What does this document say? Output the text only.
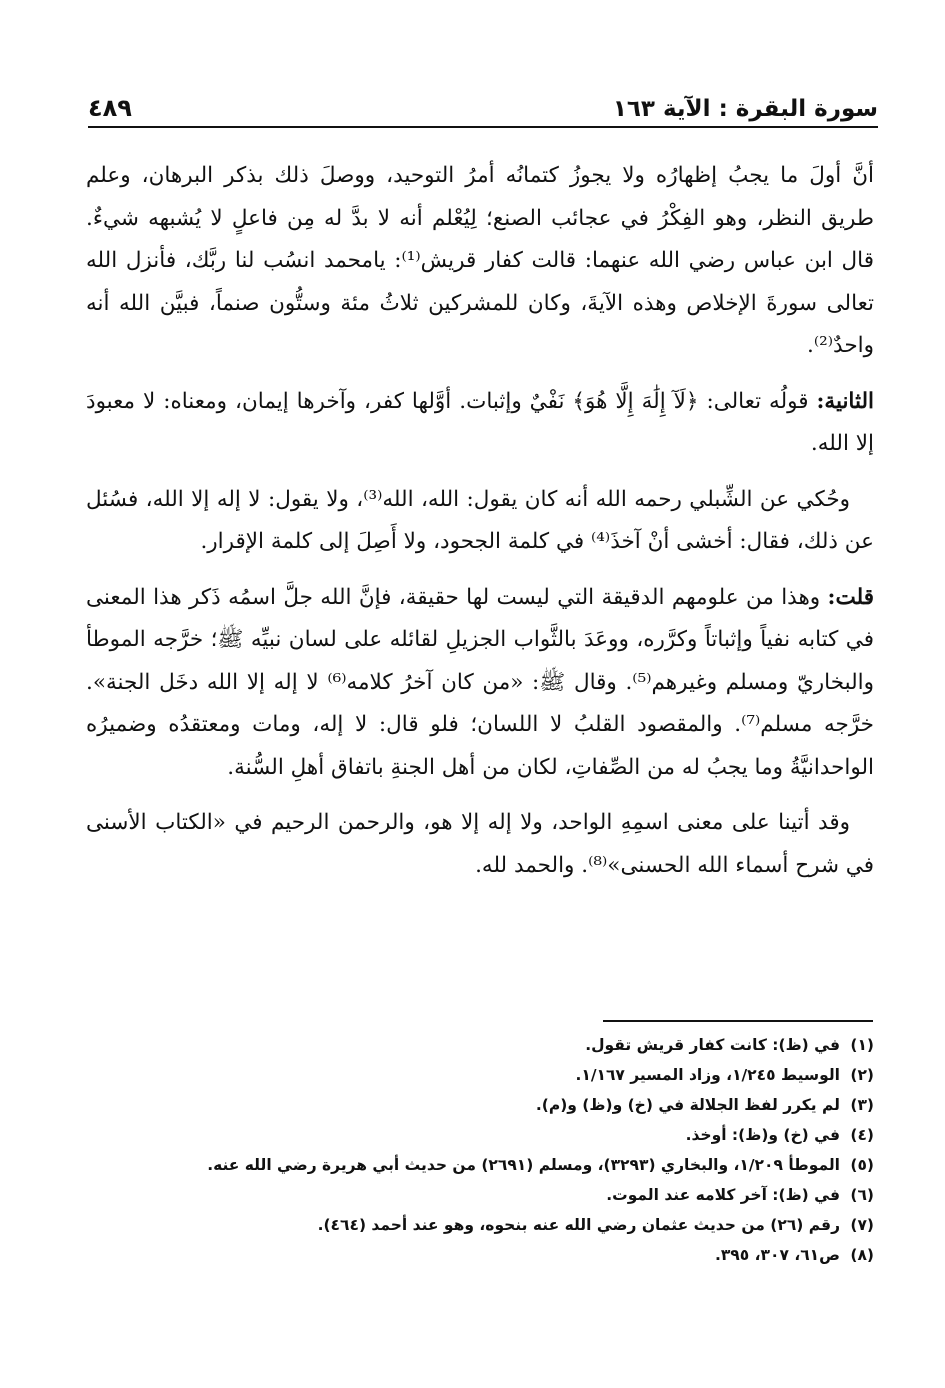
سورة البقرة : الآية ١٦٣
٤٨٩

أنَّ أولَ ما يجبُ إظهارُه ولا يجوزُ كتمانُه أمرُ التوحيد، ووصلَ ذلك بذكر البرهان، وعلم طريق النظر، وهو الفِكْرُ في عجائب الصنع؛ لِيُعْلم أنه لا بدَّ له مِن فاعلٍ لا يُشبهه شيءٌ. قال ابن عباس رضي الله عنهما: قالت كفار قريش⁽¹⁾: يامحمد انسُب لنا ربَّك، فأنزل الله تعالى سورةَ الإخلاص وهذه الآيةَ، وكان للمشركين ثلاثُ مئة وستُّون صنماً، فبيَّن الله أنه واحدٌ⁽²⁾.

الثانية: قولُه تعالى: ﴿لَآ إِلَٰهَ إِلَّا هُوَ﴾ نَفْيٌ وإثبات. أوَّلها كفر، وآخرها إيمان، ومعناه: لا معبودَ إلا الله.

وحُكي عن الشِّبلي رحمه الله أنه كان يقول: الله، الله⁽³⁾، ولا يقول: لا إله إلا الله، فسُئل عن ذلك، فقال: أخشى أنْ آخذَ⁽⁴⁾ في كلمة الجحود، ولا أَصِلَ إلى كلمة الإقرار.

قلت: وهذا من علومهم الدقيقة التي ليست لها حقيقة، فإنَّ الله جلَّ اسمُه ذَكر هذا المعنى في كتابه نفياً وإثباتاً وكرَّره، ووعَدَ بالثَّواب الجزيلِ لقائله على لسان نبيِّه ﷺ؛ خرَّجه الموطأ والبخاريّ ومسلم وغيرهم⁽⁵⁾. وقال ﷺ: «من كان آخرُ كلامه⁽⁶⁾ لا إله إلا الله دخَل الجنة». خرَّجه مسلم⁽⁷⁾. والمقصود القلبُ لا اللسان؛ فلو قال: لا إله، ومات ومعتقدُه وضميرُه الواحدانيَّةُ وما يجبُ له من الصِّفاتِ، لكان من أهل الجنةِ باتفاق أهلِ السُّنة.

وقد أتينا على معنى اسمِهِ الواحد، ولا إله إلا هو، والرحمن الرحيم في «الكتاب الأسنى في شرح أسماء الله الحسنى»⁽⁸⁾. والحمد لله.

(١)
في (ظ): كانت كفار قريش تقول.
(٢)
الوسيط ١/٢٤٥، وزاد المسير ١/١٦٧.
(٣)
لم يكرر لفظ الجلالة في (خ) و(ظ) و(م).
(٤)
في (خ) و(ظ): أوخذ.
(٥)
الموطأ ١/٢٠٩، والبخاري (٣٢٩٣)، ومسلم (٢٦٩١) من حديث أبي هريرة رضي الله عنه.
(٦)
في (ظ): آخر كلامه عند الموت.
(٧)
رقم (٢٦) من حديث عثمان رضي الله عنه بنحوه، وهو عند أحمد (٤٦٤).
(٨)
ص٦١، ٣٠٧، ٣٩٥.
